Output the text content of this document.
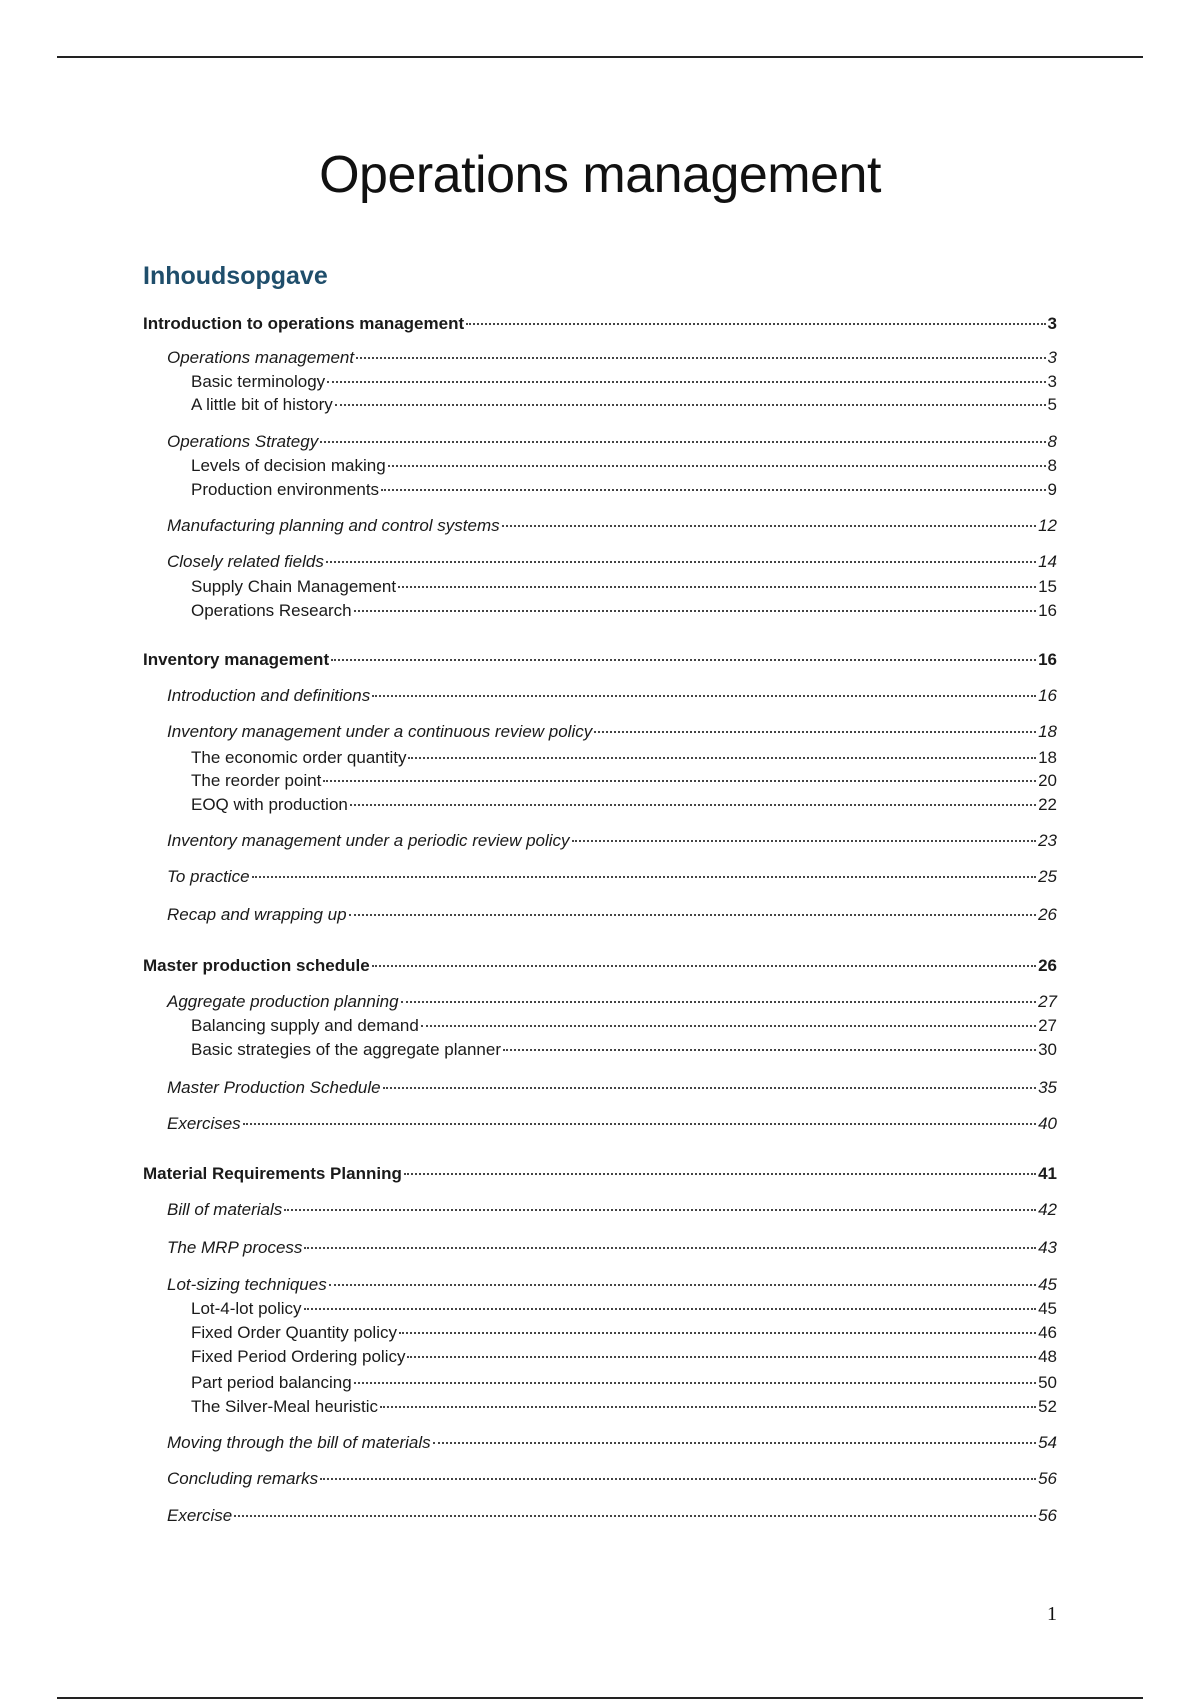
Operations management
Inhoudsopgave
Introduction to operations management	3
Operations management	3
Basic terminology	3
A little bit of history	5
Operations Strategy	8
Levels of decision making	8
Production environments	9
Manufacturing planning and control systems	12
Closely related fields	14
Supply Chain Management	15
Operations Research	16
Inventory management	16
Introduction and definitions	16
Inventory management under a continuous review policy	18
The economic order quantity	18
The reorder point	20
EOQ with production	22
Inventory management under a periodic review policy	23
To practice	25
Recap and wrapping up	26
Master production schedule	26
Aggregate production planning	27
Balancing supply and demand	27
Basic strategies of the aggregate planner	30
Master Production Schedule	35
Exercises	40
Material Requirements Planning	41
Bill of materials	42
The MRP process	43
Lot-sizing techniques	45
Lot-4-lot policy	45
Fixed Order Quantity policy	46
Fixed Period Ordering policy	48
Part period balancing	50
The Silver-Meal heuristic	52
Moving through the bill of materials	54
Concluding remarks	56
Exercise	56
1
